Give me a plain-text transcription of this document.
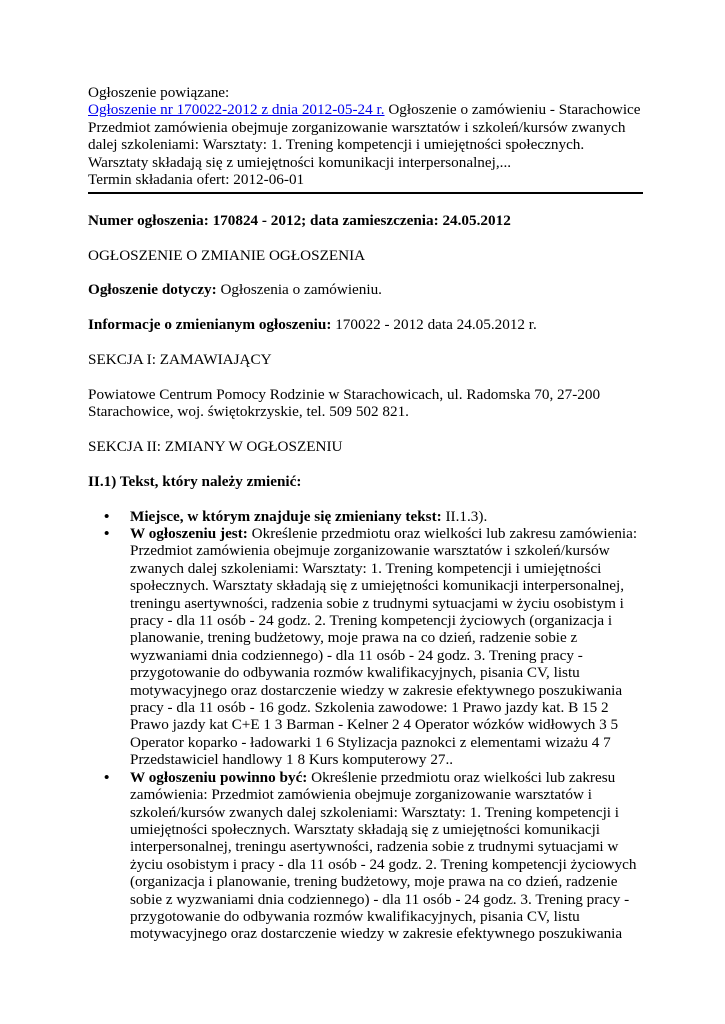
Ogłoszenie powiązane:
Ogłoszenie nr 170022-2012 z dnia 2012-05-24 r. Ogłoszenie o zamówieniu - Starachowice Przedmiot zamówienia obejmuje zorganizowanie warsztatów i szkoleń/kursów zwanych dalej szkoleniami: Warsztaty: 1. Trening kompetencji i umiejętności społecznych. Warsztaty składają się z umiejętności komunikacji interpersonalnej,...
Termin składania ofert: 2012-06-01

Numer ogłoszenia: 170824 - 2012; data zamieszczenia: 24.05.2012

OGŁOSZENIE O ZMIANIE OGŁOSZENIA

Ogłoszenie dotyczy: Ogłoszenia o zamówieniu.

Informacje o zmienianym ogłoszeniu: 170022 - 2012 data 24.05.2012 r.

SEKCJA I: ZAMAWIAJĄCY

Powiatowe Centrum Pomocy Rodzinie w Starachowicach, ul. Radomska 70, 27-200 Starachowice, woj. świętokrzyskie, tel. 509 502 821.

SEKCJA II: ZMIANY W OGŁOSZENIU

II.1) Tekst, który należy zmienić:

• Miejsce, w którym znajduje się zmieniany tekst: II.1.3).
• W ogłoszeniu jest: Określenie przedmiotu oraz wielkości lub zakresu zamówienia: Przedmiot zamówienia obejmuje zorganizowanie warsztatów i szkoleń/kursów zwanych dalej szkoleniami: Warsztaty: 1. Trening kompetencji i umiejętności społecznych. Warsztaty składają się z umiejętności komunikacji interpersonalnej, treningu asertywności, radzenia sobie z trudnymi sytuacjami w życiu osobistym i pracy - dla 11 osób - 24 godz. 2. Trening kompetencji życiowych (organizacja i planowanie, trening budżetowy, moje prawa na co dzień, radzenie sobie z wyzwaniami dnia codziennego) - dla 11 osób - 24 godz. 3. Trening pracy - przygotowanie do odbywania rozmów kwalifikacyjnych, pisania CV, listu motywacyjnego oraz dostarczenie wiedzy w zakresie efektywnego poszukiwania pracy - dla 11 osób - 16 godz. Szkolenia zawodowe: 1 Prawo jazdy kat. B 15 2 Prawo jazdy kat C+E 1 3 Barman - Kelner 2 4 Operator wózków widłowych 3 5 Operator koparko - ładowarki 1 6 Stylizacja paznokci z elementami wizażu 4 7 Przedstawiciel handlowy 1 8 Kurs komputerowy 27..
• W ogłoszeniu powinno być: Określenie przedmiotu oraz wielkości lub zakresu zamówienia: Przedmiot zamówienia obejmuje zorganizowanie warsztatów i szkoleń/kursów zwanych dalej szkoleniami: Warsztaty: 1. Trening kompetencji i umiejętności społecznych. Warsztaty składają się z umiejętności komunikacji interpersonalnej, treningu asertywności, radzenia sobie z trudnymi sytuacjami w życiu osobistym i pracy - dla 11 osób - 24 godz. 2. Trening kompetencji życiowych (organizacja i planowanie, trening budżetowy, moje prawa na co dzień, radzenie sobie z wyzwaniami dnia codziennego) - dla 11 osób - 24 godz. 3. Trening pracy - przygotowanie do odbywania rozmów kwalifikacyjnych, pisania CV, listu motywacyjnego oraz dostarczenie wiedzy w zakresie efektywnego poszukiwania
